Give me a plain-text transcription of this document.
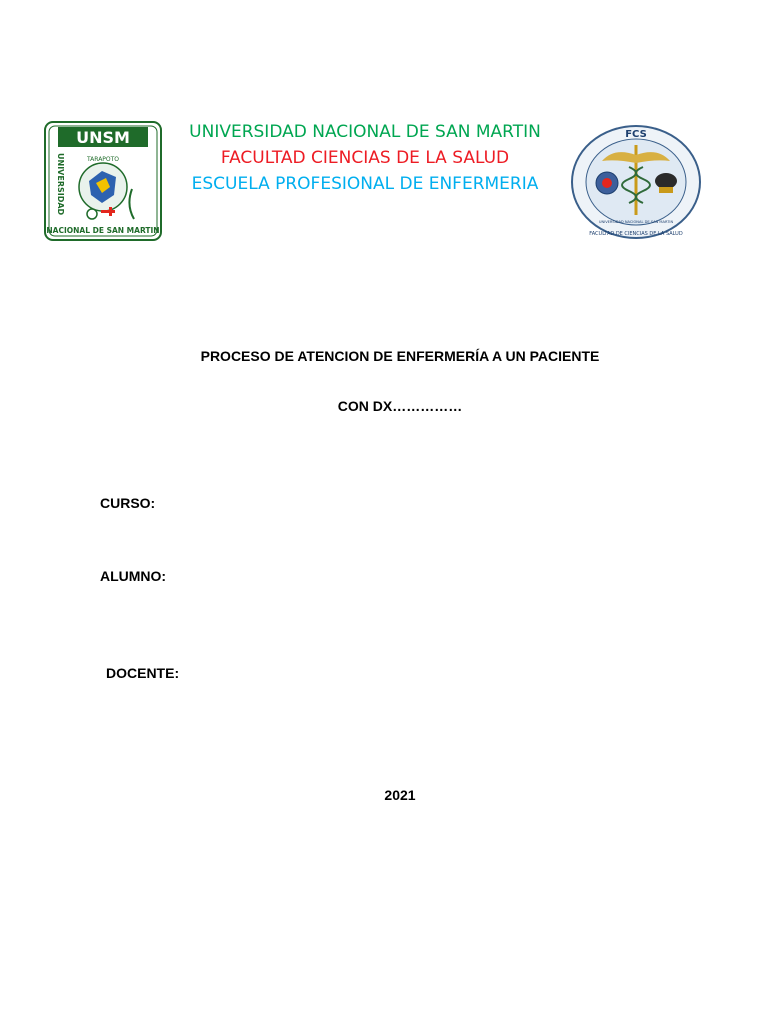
UNSM
UNIVERSIDAD
NACIONAL DE SAN MARTIN
TARAPOTO
UNIVERSIDAD NACIONAL DE SAN MARTIN
FACULTAD CIENCIAS DE LA SALUD
ESCUELA PROFESIONAL DE ENFERMERIA
FCS
FACULTAD DE CIENCIAS DE LA SALUD
UNIVERSIDAD NACIONAL DE SAN MARTIN
PROCESO DE ATENCION DE ENFERMERÍA A UN PACIENTE
CON DX……………
CURSO:
ALUMNO:
DOCENTE:
2021
